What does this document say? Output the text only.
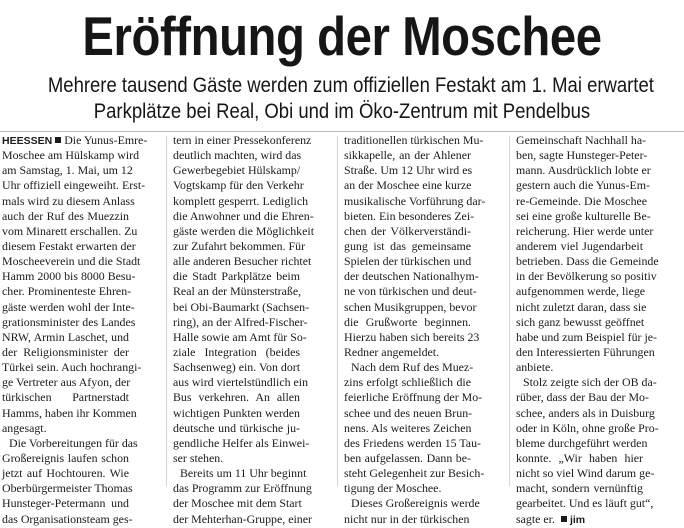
Eröffnung der Moschee
Mehrere tausend Gäste werden zum offiziellen Festakt am 1. Mai erwartet
Parkplätze bei Real, Obi und im Öko-Zentrum mit Pendelbus
HEESSEN Die Yunus-Emre-
Moschee am Hülskamp wird
am Samstag, 1. Mai, um 12
Uhr offiziell eingeweiht. Erst-
mals wird zu diesem Anlass
auch der Ruf des Muezzin
vom Minarett erschallen. Zu
diesem Festakt erwarten der
Moscheeverein und die Stadt
Hamm 2000 bis 8000 Besu-
cher. Prominenteste Ehren-
gäste werden wohl der Inte-
grationsminister des Landes
NRW, Armin Laschet, und
der Religionsminister der
Türkei sein. Auch hochrangi-
ge Vertreter aus Afyon, der
türkischen Partnerstadt
Hamms, haben ihr Kommen
angesagt.
Die Vorbereitungen für das
Großereignis laufen schon
jetzt auf Hochtouren. Wie
Oberbürgermeister Thomas
Hunsteger-Petermann und
das Organisationsteam ges-
tern in einer Pressekonferenz
deutlich machten, wird das
Gewerbegebiet Hülskamp/
Vogtskamp für den Verkehr
komplett gesperrt. Lediglich
die Anwohner und die Ehren-
gäste werden die Möglichkeit
zur Zufahrt bekommen. Für
alle anderen Besucher richtet
die Stadt Parkplätze beim
Real an der Münsterstraße,
bei Obi-Baumarkt (Sachsen-
ring), an der Alfred-Fischer-
Halle sowie am Amt für So-
ziale Integration (beides
Sachsenweg) ein. Von dort
aus wird viertelstündlich ein
Bus verkehren. An allen
wichtigen Punkten werden
deutsche und türkische ju-
gendliche Helfer als Einwei-
ser stehen.
Bereits um 11 Uhr beginnt
das Programm zur Eröffnung
der Moschee mit dem Start
der Mehterhan-Gruppe, einer
traditionellen türkischen Mu-
sikkapelle, an der Ahlener
Straße. Um 12 Uhr wird es
an der Moschee eine kurze
musikalische Vorführung dar-
bieten. Ein besonderes Zei-
chen der Völkerverständi-
gung ist das gemeinsame
Spielen der türkischen und
der deutschen Nationalhym-
ne von türkischen und deut-
schen Musikgruppen, bevor
die Grußworte beginnen.
Hierzu haben sich bereits 23
Redner angemeldet.
Nach dem Ruf des Muez-
zins erfolgt schließlich die
feierliche Eröffnung der Mo-
schee und des neuen Brun-
nens. Als weiteres Zeichen
des Friedens werden 15 Tau-
ben aufgelassen. Dann be-
steht Gelegenheit zur Besich-
tigung der Moschee.
Dieses Großereignis werde
nicht nur in der türkischen
Gemeinschaft Nachhall ha-
ben, sagte Hunsteger-Peter-
mann. Ausdrücklich lobte er
gestern auch die Yunus-Em-
re-Gemeinde. Die Moschee
sei eine große kulturelle Be-
reicherung. Hier werde unter
anderem viel Jugendarbeit
betrieben. Dass die Gemeinde
in der Bevölkerung so positiv
aufgenommen werde, liege
nicht zuletzt daran, dass sie
sich ganz bewusst geöffnet
habe und zum Beispiel für je-
den Interessierten Führungen
anbiete.
Stolz zeigte sich der OB da-
rüber, dass der Bau der Mo-
schee, anders als in Duisburg
oder in Köln, ohne große Pro-
bleme durchgeführt werden
konnte. „Wir haben hier
nicht so viel Wind darum ge-
macht, sondern vernünftig
gearbeitet. Und es läuft gut“,
sagte er. jim
